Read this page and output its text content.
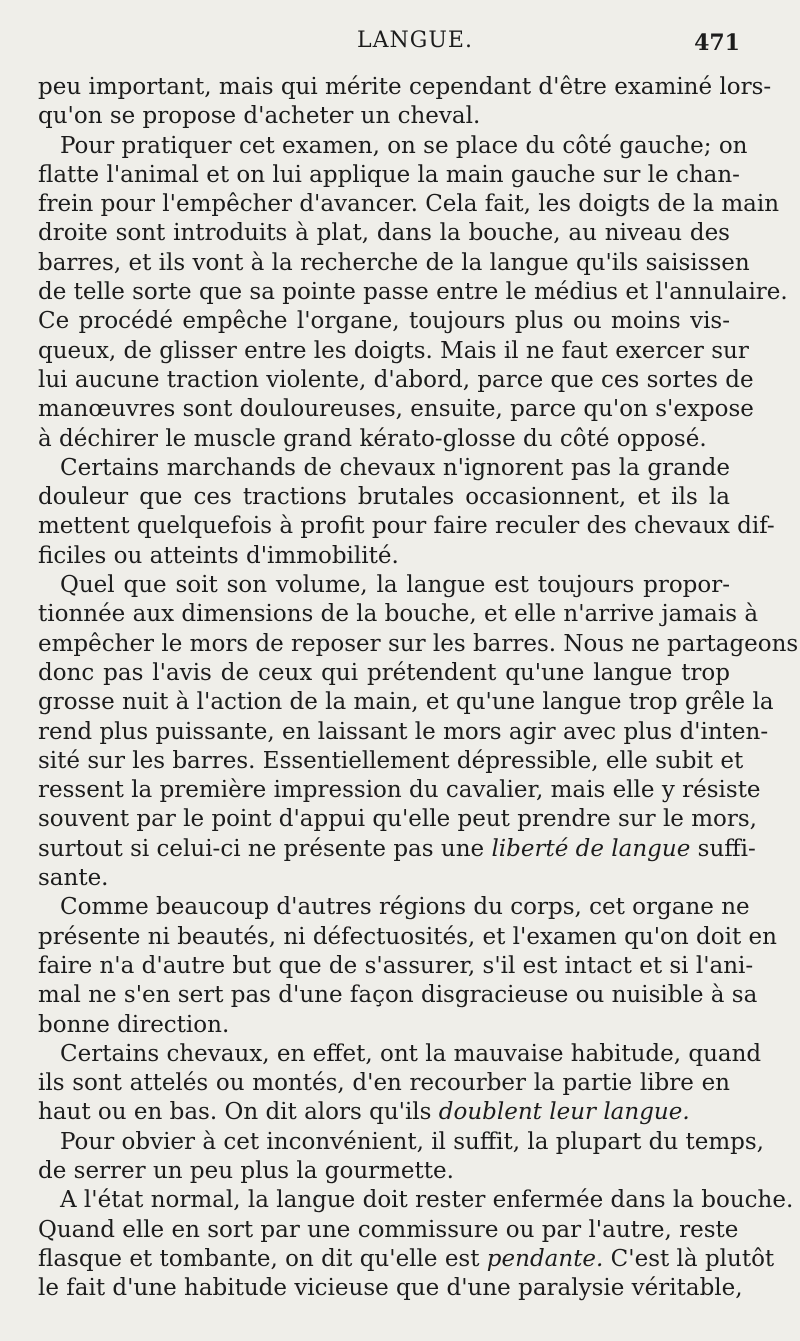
LANGUE.	471
peu important, mais qui mérite cependant d'être examiné lors-
qu'on se propose d'acheter un cheval.
Pour pratiquer cet examen, on se place du côté gauche; on
flatte l'animal et on lui applique la main gauche sur le chan-
frein pour l'empêcher d'avancer. Cela fait, les doigts de la main
droite sont introduits à plat, dans la bouche, au niveau des
barres, et ils vont à la recherche de la langue qu'ils saisissen
de telle sorte que sa pointe passe entre le médius et l'annulaire.
Ce procédé empêche l'organe, toujours plus ou moins vis-
queux, de glisser entre les doigts. Mais il ne faut exercer sur
lui aucune traction violente, d'abord, parce que ces sortes de
manœuvres sont douloureuses, ensuite, parce qu'on s'expose
à déchirer le muscle grand kérato-glosse du côté opposé.
Certains marchands de chevaux n'ignorent pas la grande
douleur que ces tractions brutales occasionnent, et ils la
mettent quelquefois à profit pour faire reculer des chevaux dif-
ficiles ou atteints d'immobilité.
Quel que soit son volume, la langue est toujours propor-
tionnée aux dimensions de la bouche, et elle n'arrive jamais à
empêcher le mors de reposer sur les barres. Nous ne partageons
donc pas l'avis de ceux qui prétendent qu'une langue trop
grosse nuit à l'action de la main, et qu'une langue trop grêle la
rend plus puissante, en laissant le mors agir avec plus d'inten-
sité sur les barres. Essentiellement dépressible, elle subit et
ressent la première impression du cavalier, mais elle y résiste
souvent par le point d'appui qu'elle peut prendre sur le mors,
surtout si celui-ci ne présente pas une liberté de langue suffi-
sante.
Comme beaucoup d'autres régions du corps, cet organe ne
présente ni beautés, ni défectuosités, et l'examen qu'on doit en
faire n'a d'autre but que de s'assurer, s'il est intact et si l'ani-
mal ne s'en sert pas d'une façon disgracieuse ou nuisible à sa
bonne direction.
Certains chevaux, en effet, ont la mauvaise habitude, quand
ils sont attelés ou montés, d'en recourber la partie libre en
haut ou en bas. On dit alors qu'ils doublent leur langue.
Pour obvier à cet inconvénient, il suffit, la plupart du temps,
de serrer un peu plus la gourmette.
A l'état normal, la langue doit rester enfermée dans la bouche.
Quand elle en sort par une commissure ou par l'autre, reste
flasque et tombante, on dit qu'elle est pendante. C'est là plutôt
le fait d'une habitude vicieuse que d'une paralysie véritable,
